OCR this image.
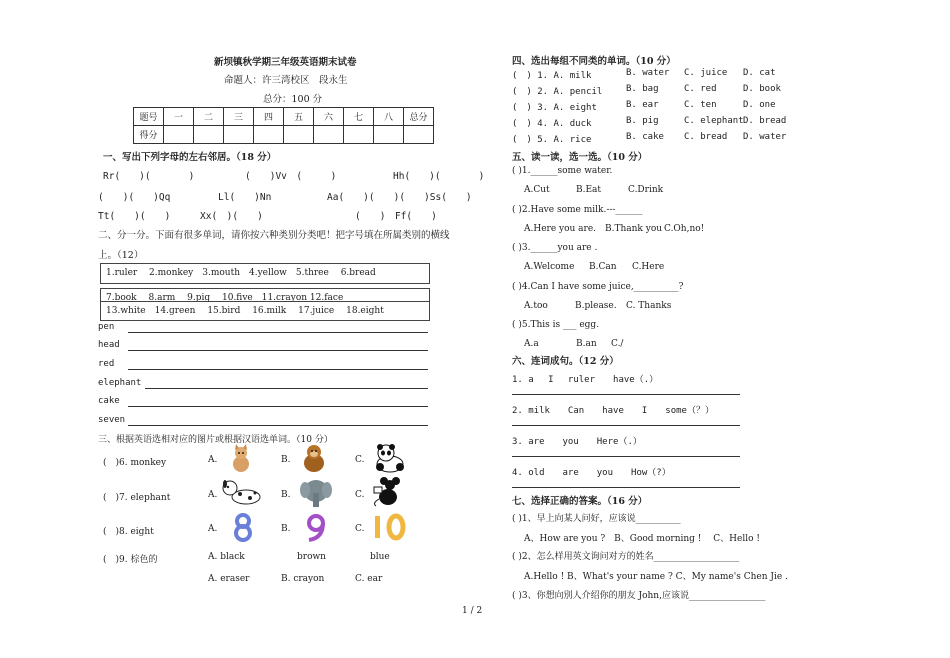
新坝镇秋学期三年级英语期末试卷
命题人：许三湾校区　段永生
总分：100 分
题号	一	二	三	四	五	六	七	八	总分
得分									
一、写出下列字母的左右邻居。（18 分）
Rr(　　)(　　　　)	(　　)Vv　(　　　)	Hh(　　)(　　　　)
(　　)(　　)Qq	Ll(　　)Nn	Aa(　　)(　　)(　　)Ss(　　)
Tt(　　)(　　)	Xx(　)(　　)	(　　)　Ff(　　)
二、分一分。下面有很多单词，请你按六种类别分类吧！把字号填在所属类别的横线
上。（12）
1.ruler　 2.monkey　3.mouth　4.yellow　5.three　 6.bread
7.book　 8.arm　 9.pig　 10.five　11.crayon 12.face
13.white　14.green　 15.bird　 16.milk　 17.juice　 18.eight
pen
head
red
elephant
cake
seven
三、根据英语选相对应的图片或根据汉语选单词。（10 分）
(　)6. monkey	A.	B.	C.
(　)7. elephant	A.	B.	C.
(　)8. eight	A.	B.	C.
(　)9. 棕色的	A. black	brown	blue
A. eraser	B. crayon	C. ear
四、选出每组不同类的单词。（10 分）
(　) 1. A. milk	B. water C. juice D. cat
(　) 2. A. pencil	B. bag	C. red	D. book
(　) 3. A. eight	B. ear	C. ten	D. one
(　) 4. A. duck	B. pig	C. elephant D. bread
(　) 5. A. rice	B. cake C. bread D. water
五、读一读，选一选。（10 分）
( )1.______some water.
A.Cut	B.Eat	C.Drink
( )2.Have some milk.---______
A.Here you are. B.Thank you C.Oh,no!
( )3.______you are .
A.Welcome B.Can C.Here
( )4.Can I have some juice,__________?
A.too	B.please. C. Thanks
( )5.This is ___ egg.
A.a	B.an C./
六、连词成句。（12 分）
1. a　 I　 ruler　　have（.）
2. milk　　Can　　have　　I　　some（？）
3. are　　you　　Here（.）
4. old　　are　　you　　How（?）
七、选择正确的答案。（16 分）
( )1、早上向某人问好，应该说__________
A、How are you ?　B、Good morning !　 C、Hello !
( )2、怎么样用英文询问对方的姓名___________________
A.Hello ! B、What's your name ? C、My name's Chen Jie .
( )3、你想向別人介绍你的朋友 John,应该说_________________
1 / 2
